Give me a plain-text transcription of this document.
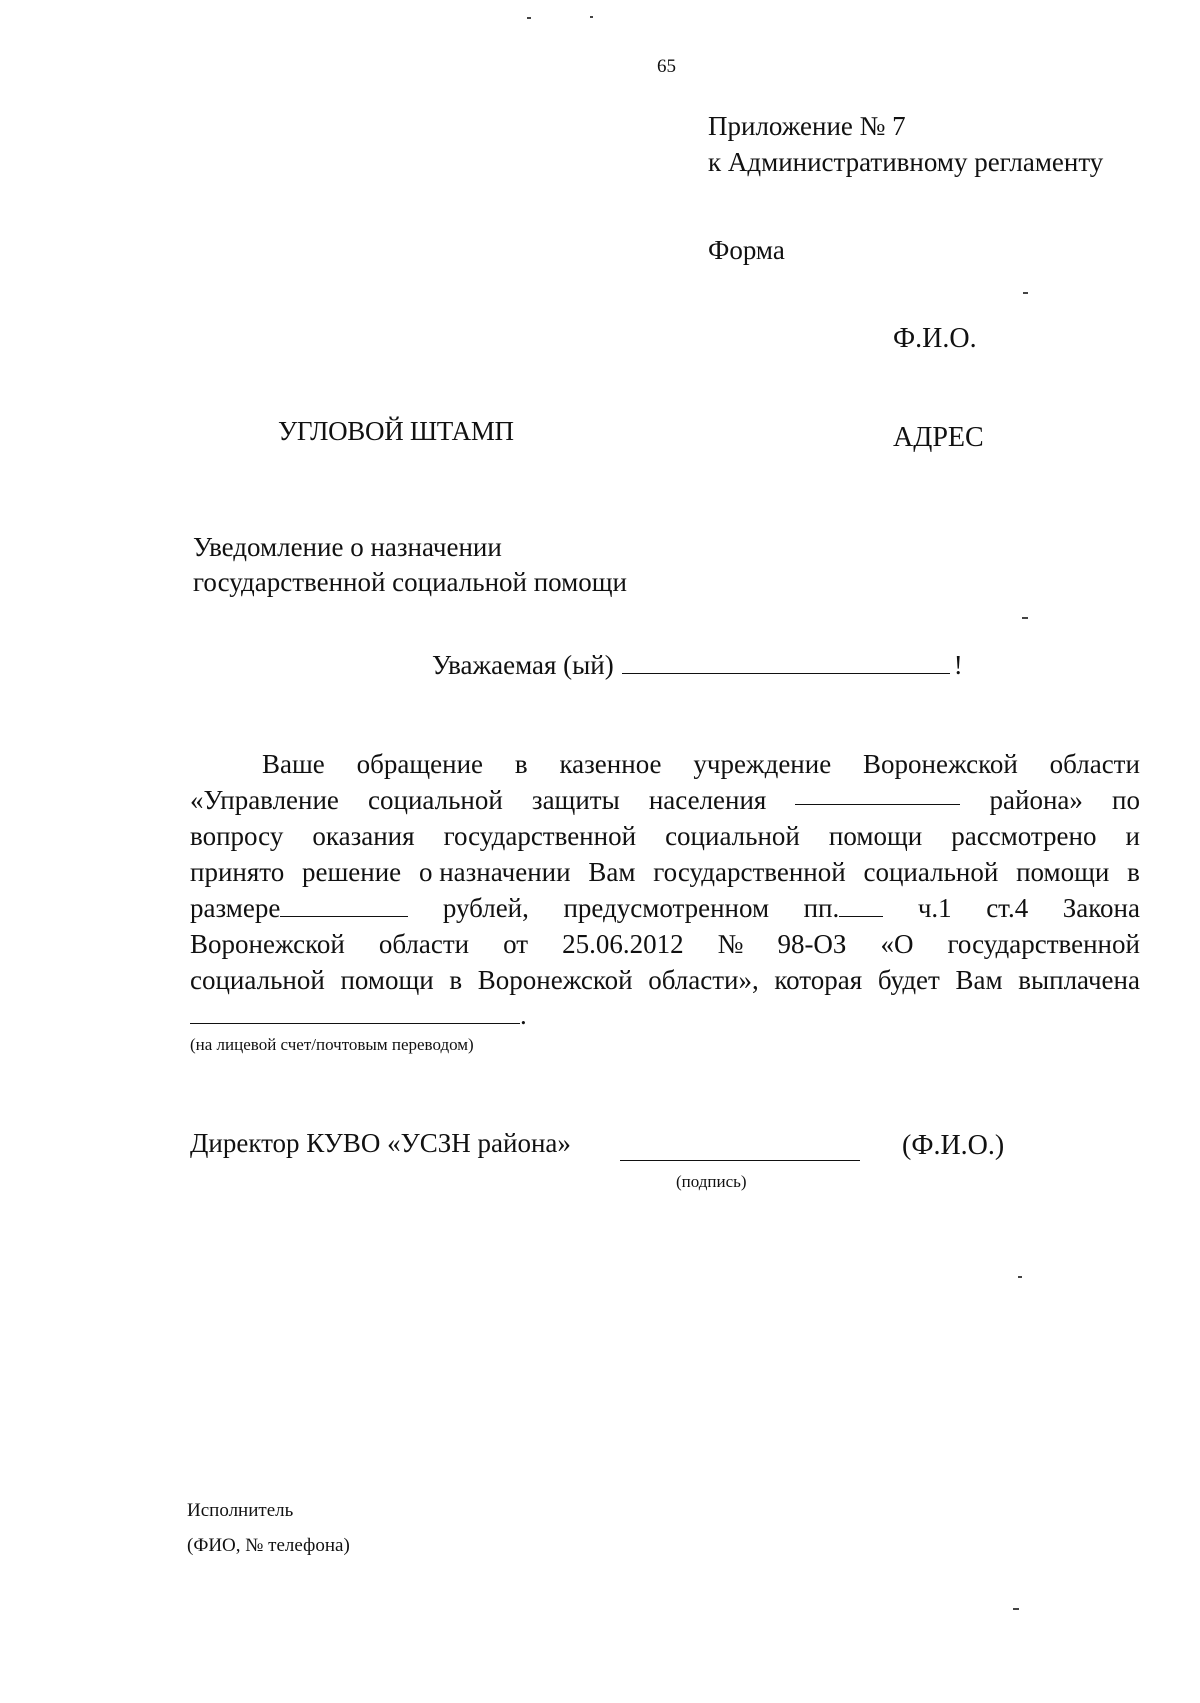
65
Приложение № 7
к Административному регламенту
Форма
Ф.И.О.
УГЛОВОЙ ШТАМП	АДРЕС
Уведомление о назначении
государственной социальной помощи
Уважаемая (ый)	!
Ваше обращение в казенное учреждение Воронежской области
«Управление социальной защиты населения	района» по
вопросу оказания государственной социальной помощи рассмотрено и
принято решение о назначении Вам государственной социальной помощи в
размере	рублей, предусмотренном пп.	ч.1 ст.4 Закона
Воронежской области от 25.06.2012 № 98-ОЗ «О государственной
социальной помощи в Воронежской области», которая будет Вам выплачена
.
(на лицевой счет/почтовым переводом)
Директор КУВО «УСЗН района»
(подпись)
(Ф.И.О.)
Исполнитель
(ФИО, № телефона)
